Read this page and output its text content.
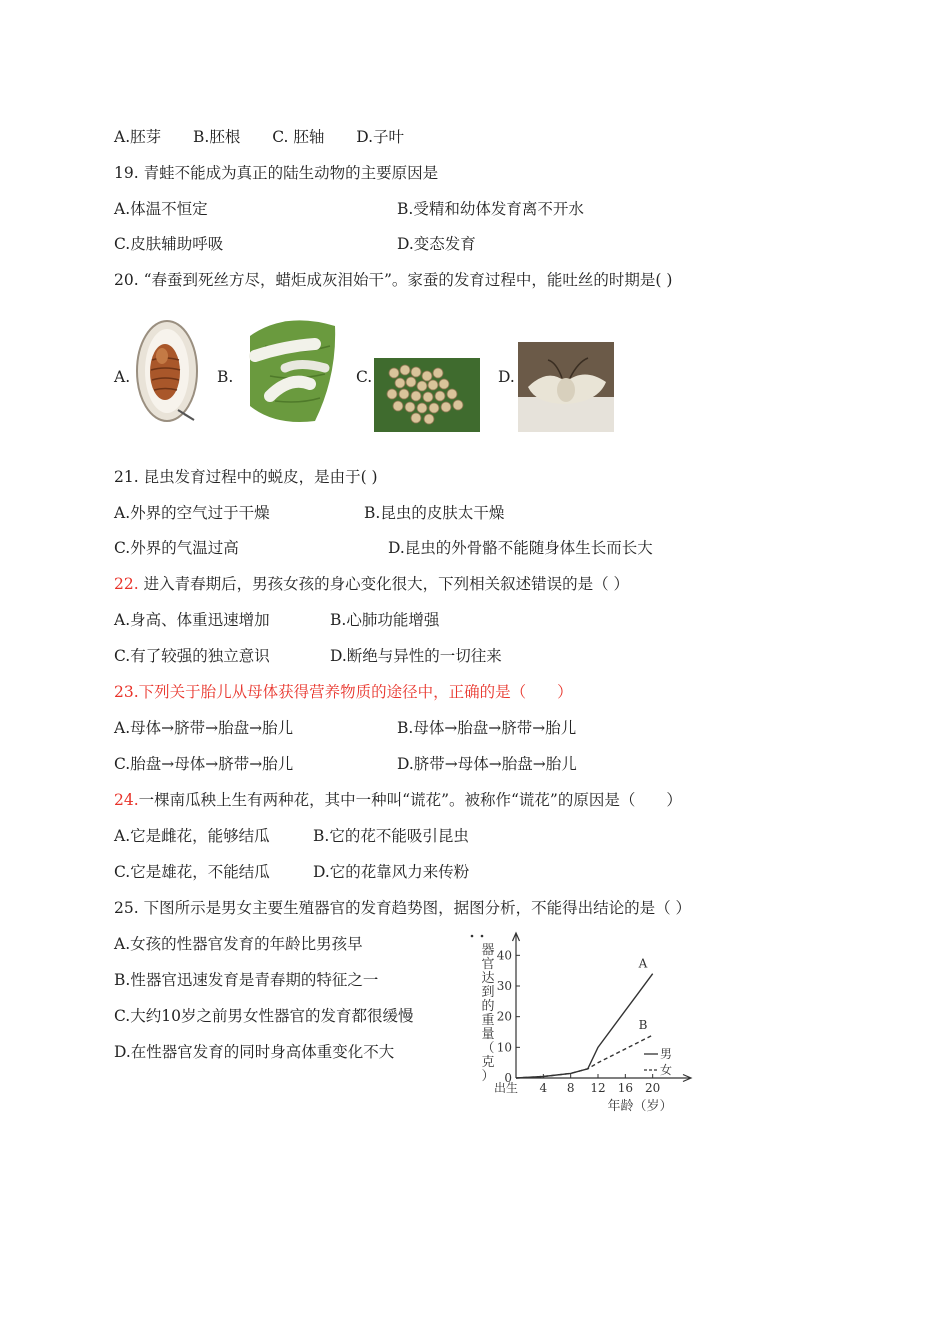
A.胚芽 B.胚根 C. 胚轴 D.子叶
19. 青蛙不能成为真正的陆生动物的主要原因是
A.体温不恒定	B.受精和幼体发育离不开水
C.皮肤辅助呼吸	D.变态发育
20. “春蚕到死丝方尽，蜡炬成灰泪始干”。家蚕的发育过程中，能吐丝的时期是( )
A.	B.	C.	D.
21. 昆虫发育过程中的蜕皮，是由于( )
A.外界的空气过于干燥	B.昆虫的皮肤太干燥
C.外界的气温过高	D.昆虫的外骨骼不能随身体生长而长大
22. 进入青春期后，男孩女孩的身心变化很大，下列相关叙述错误的是（ ）
A.身高、体重迅速增加	B.心肺功能增强
C.有了较强的独立意识	D.断绝与异性的一切往来
23.下列关于胎儿从母体获得营养物质的途径中，正确的是（　　）
A.母体→脐带→胎盘→胎儿	B.母体→胎盘→脐带→胎儿
C.胎盘→母体→脐带→胎儿	D.脐带→母体→胎盘→胎儿
24.一棵南瓜秧上生有两种花，其中一种叫“谎花”。被称作“谎花”的原因是（　　）
A.它是雌花，能够结瓜	B.它的花不能吸引昆虫
C.它是雄花，不能结瓜	D.它的花靠风力来传粉
25. 下图所示是男女主要生殖器官的发育趋势图，据图分析，不能得出结论的是（ ）
A.女孩的性器官发育的年龄比男孩早
B.性器官迅速发育是青春期的特征之一
C.大约10岁之前男女性器官的发育都很缓慢
D.在性器官发育的同时身高体重变化不大
0
10
20
30
40
出生 4 8 12 16 20
器
官
达
到
的
重
量
（
克
）
年龄（岁）
A
B
男
女
